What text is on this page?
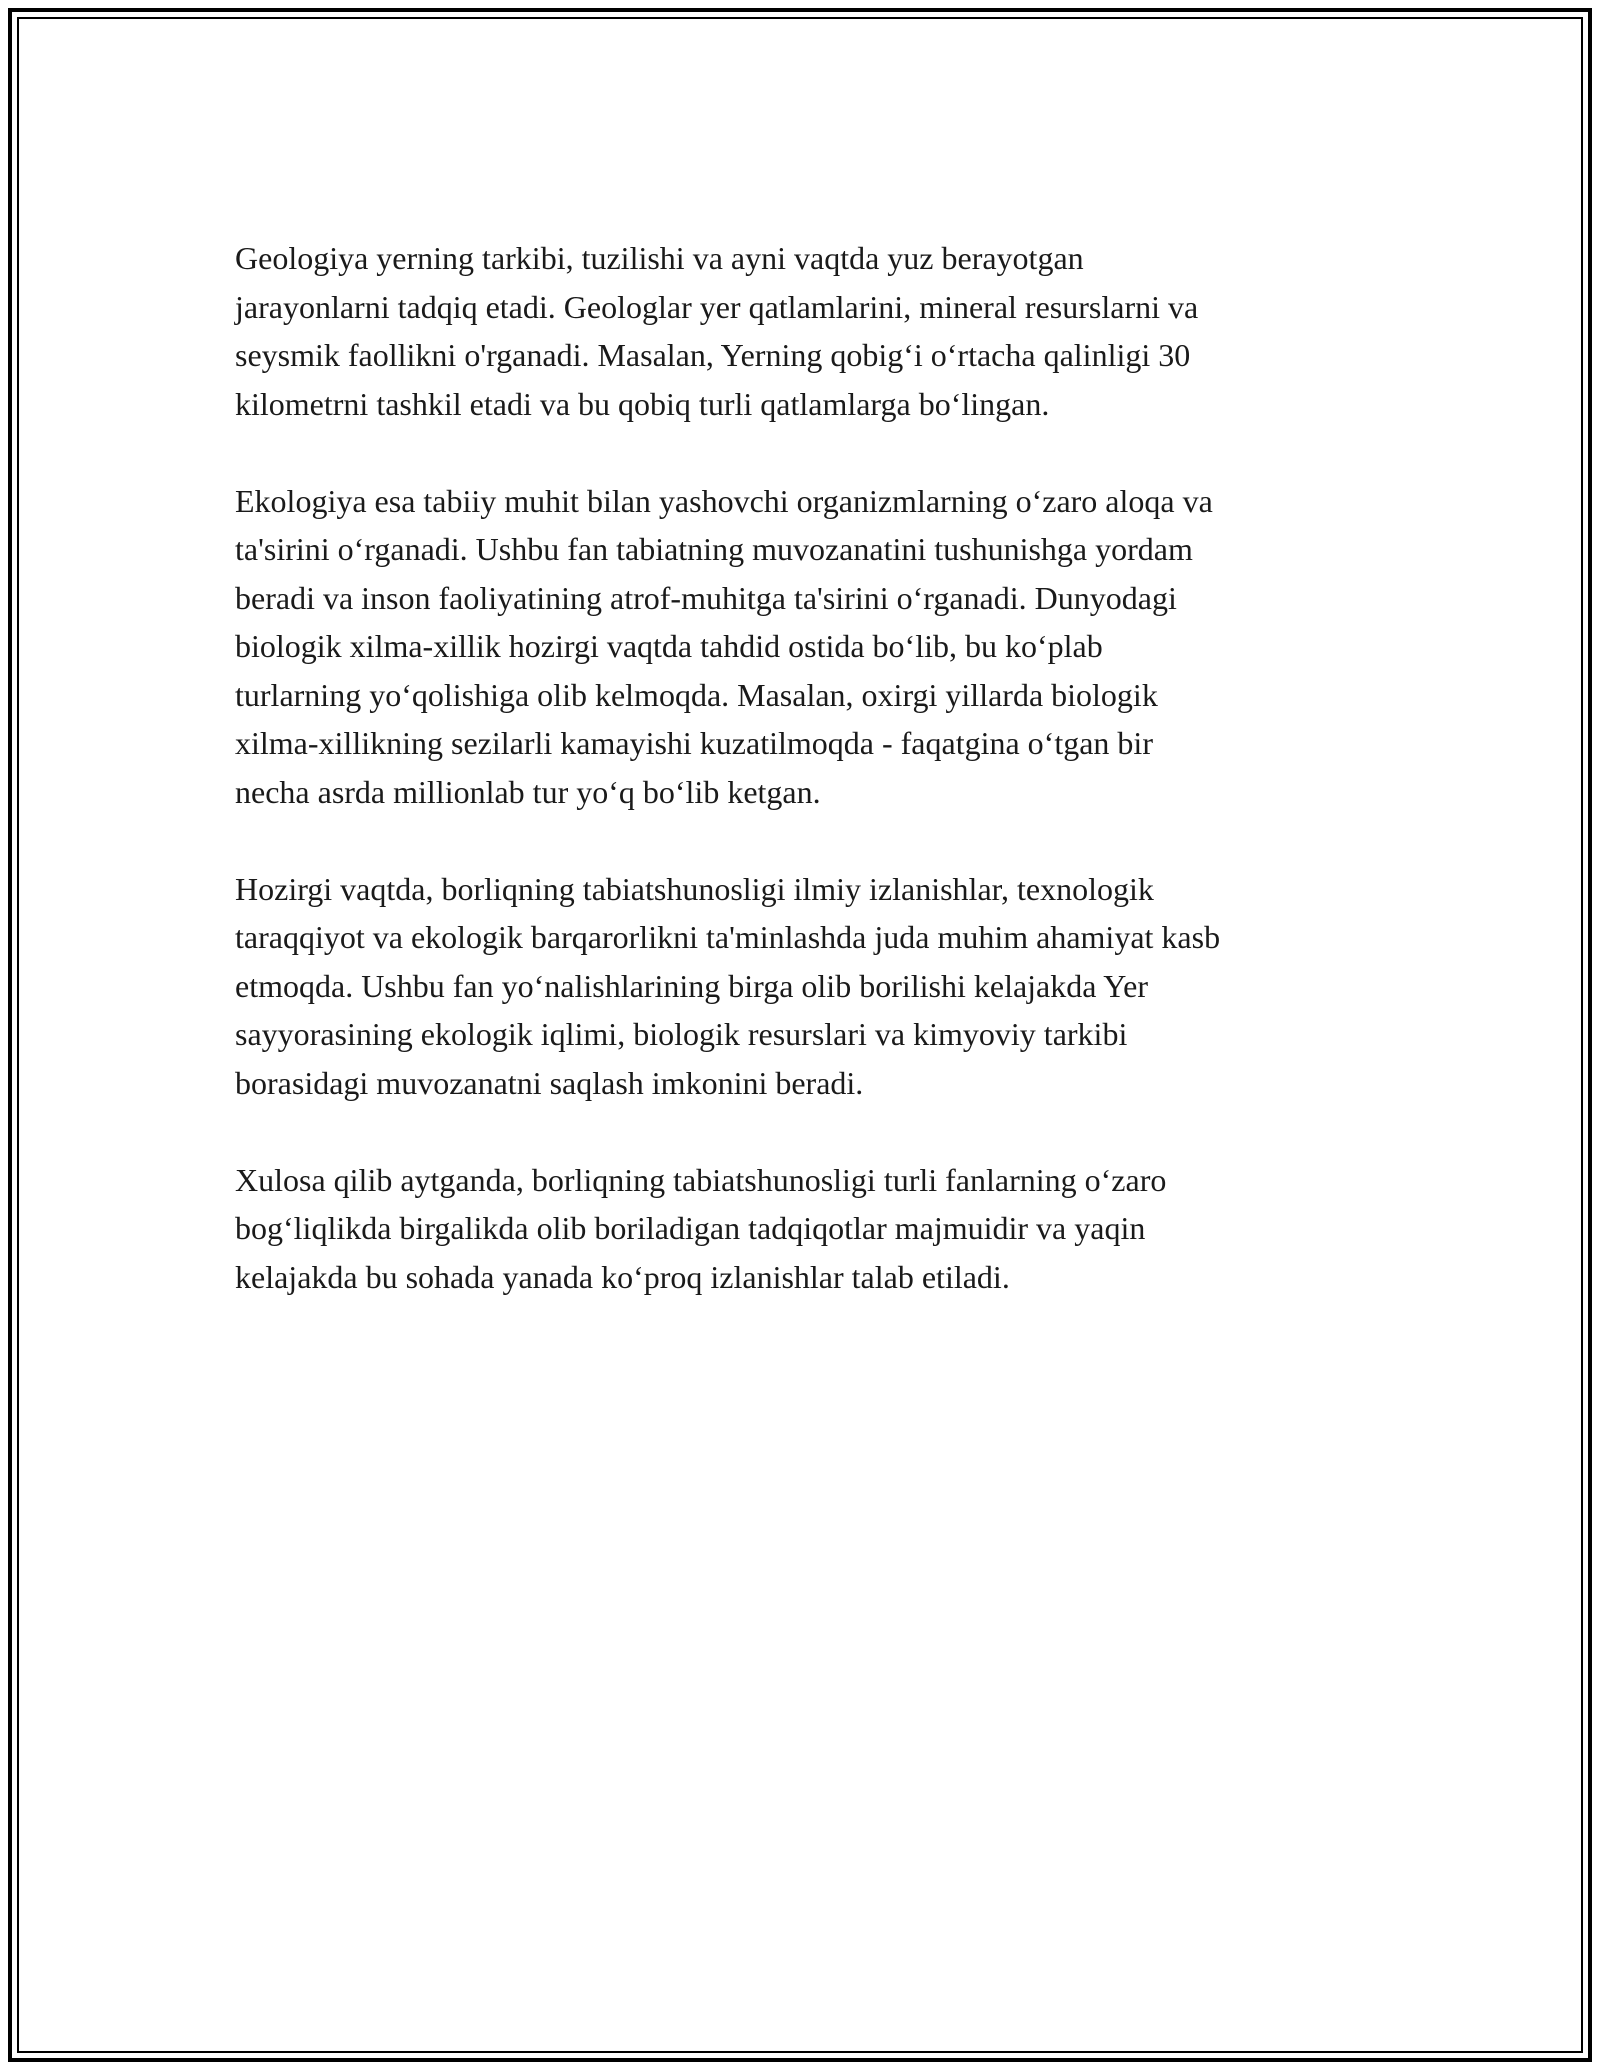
Geologiya yerning tarkibi, tuzilishi va ayni vaqtda yuz berayotgan
jarayonlarni tadqiq etadi. Geologlar yer qatlamlarini, mineral resurslarni va
seysmik faollikni o'rganadi. Masalan, Yerning qobig‘i o‘rtacha qalinligi 30
kilometrni tashkil etadi va bu qobiq turli qatlamlarga bo‘lingan.

Ekologiya esa tabiiy muhit bilan yashovchi organizmlarning o‘zaro aloqa va
ta'sirini o‘rganadi. Ushbu fan tabiatning muvozanatini tushunishga yordam
beradi va inson faoliyatining atrof-muhitga ta'sirini o‘rganadi. Dunyodagi
biologik xilma-xillik hozirgi vaqtda tahdid ostida bo‘lib, bu ko‘plab
turlarning yo‘qolishiga olib kelmoqda. Masalan, oxirgi yillarda biologik
xilma-xillikning sezilarli kamayishi kuzatilmoqda - faqatgina o‘tgan bir
necha asrda millionlab tur yo‘q bo‘lib ketgan.

Hozirgi vaqtda, borliqning tabiatshunosligi ilmiy izlanishlar, texnologik
taraqqiyot va ekologik barqarorlikni ta'minlashda juda muhim ahamiyat kasb
etmoqda. Ushbu fan yo‘nalishlarining birga olib borilishi kelajakda Yer
sayyorasining ekologik iqlimi, biologik resurslari va kimyoviy tarkibi
borasidagi muvozanatni saqlash imkonini beradi.

Xulosa qilib aytganda, borliqning tabiatshunosligi turli fanlarning o‘zaro
bog‘liqlikda birgalikda olib boriladigan tadqiqotlar majmuidir va yaqin
kelajakda bu sohada yanada ko‘proq izlanishlar talab etiladi.
